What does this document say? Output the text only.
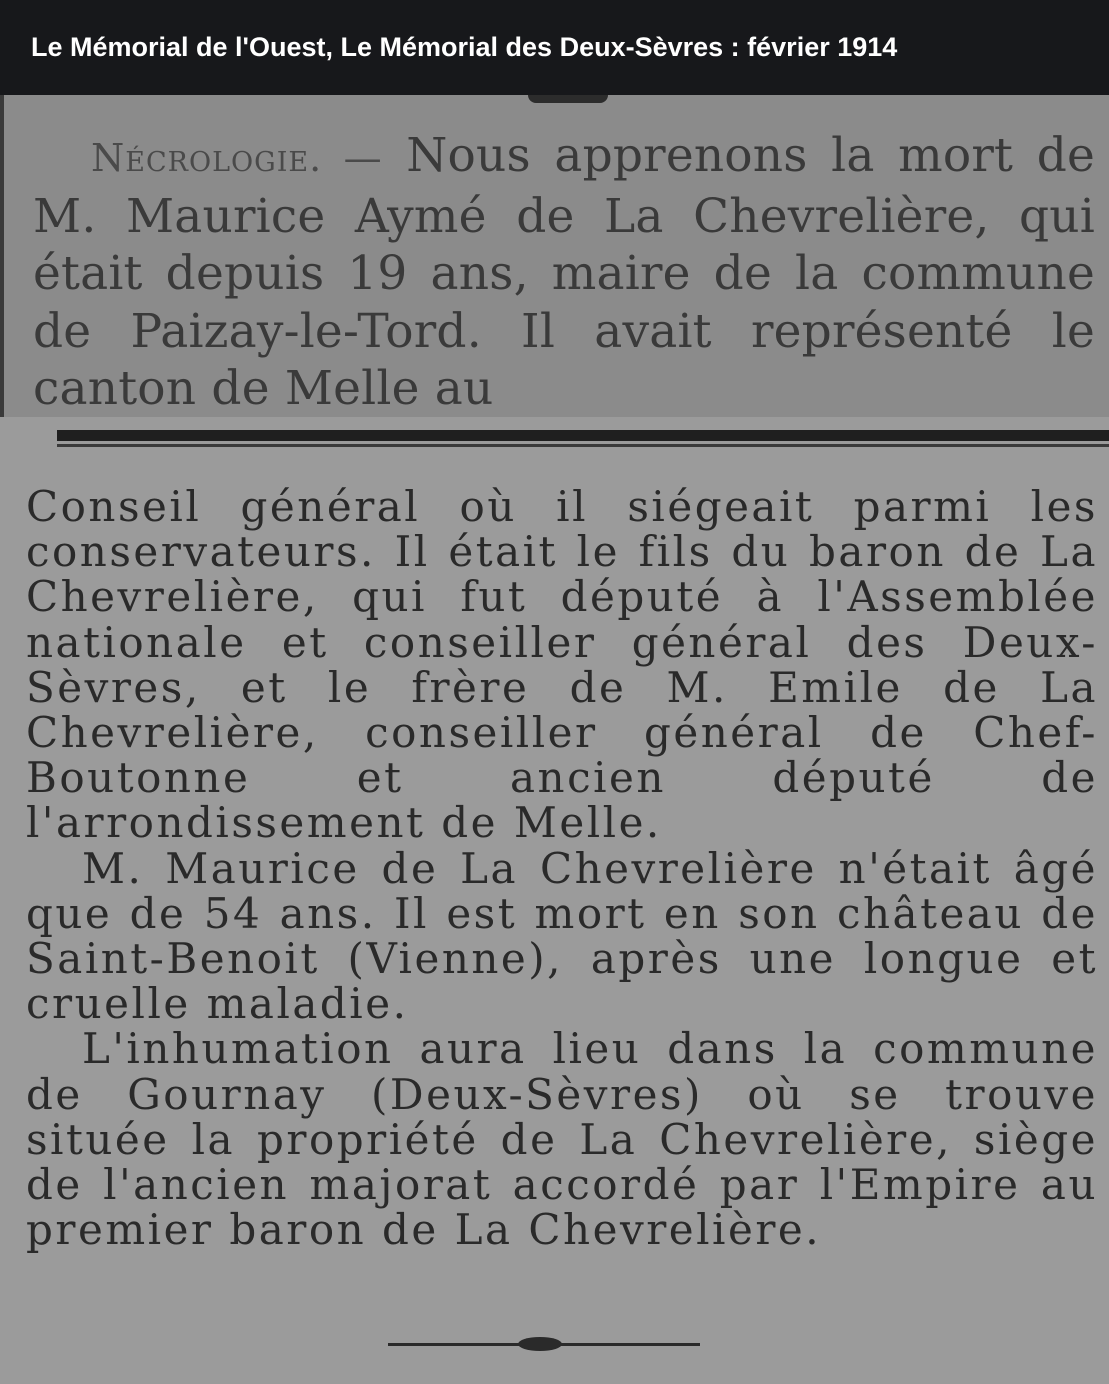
Le Mémorial de l'Ouest, Le Mémorial des Deux-Sèvres : février 1914

Nécrologie. — Nous apprenons la mort de M. Maurice Aymé de La Chevrelière, qui était depuis 19 ans, maire de la commune de Paizay-le-Tord. Il avait représenté le canton de Melle au

Conseil général où il siégeait parmi les conservateurs. Il était le fils du baron de La Chevrelière, qui fut député à l'Assemblée nationale et conseiller général des Deux-Sèvres, et le frère de M. Emile de La Chevrelière, conseiller général de Chef-Boutonne et ancien député de l'arrondissement de Melle.
M. Maurice de La Chevrelière n'était âgé que de 54 ans. Il est mort en son château de Saint-Benoit (Vienne), après une longue et cruelle maladie.
L'inhumation aura lieu dans la commune de Gournay (Deux-Sèvres) où se trouve située la propriété de La Chevrelière, siège de l'ancien majorat accordé par l'Empire au premier baron de La Chevrelière.
